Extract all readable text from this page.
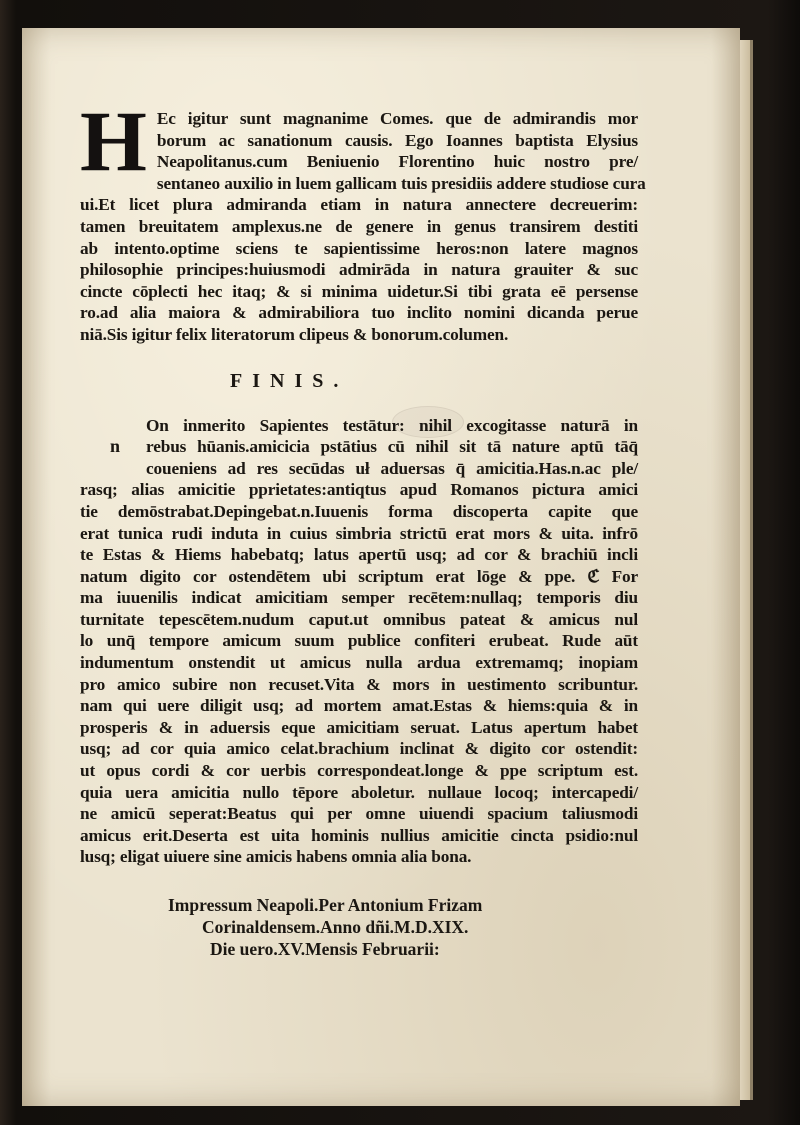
H Ec igitur sunt magnanime Comes. que de admirandis mor
borum ac sanationum causis. Ego Ioannes baptista Elysius
Neapolitanus.cum Beniuenio Florentino huic nostro pre/
sentaneo auxilio in luem gallicam tuis presidiis addere studiose cura
ui.Et licet plura admiranda etiam in natura annectere decreuerim:
tamen breuitatem amplexus.ne de genere in genus transirem destiti
ab intento.optime sciens te sapientissime heros:non latere magnos
philosophie principes:huiusmodi admirāda in natura grauiter & suc
cincte cōplecti hec itaq; & si minima uidetur.Si tibi grata eē persense
ro.ad alia maiora & admirabiliora tuo inclito nomini dicanda perue
niā.Sis igitur felix literatorum clipeus & bonorum.columen.
FINIS.
n
On inmerito Sapientes testātur: nihil excogitasse naturā in
rebus hūanis.amicicia pstātius cū nihil sit tā nature aptū tāq̄
coueniens ad res secūdas uł aduersas q̄ amicitia.Has.n.ac ple/
rasq; alias amicitie pprietates:antiqtus apud Romanos pictura amici
tie demōstrabat.Depingebat.n.Iuuenis forma discoperta capite que
erat tunica rudi induta in cuius simbria strictū erat mors & uita. infrō
te Estas & Hiems habebatq; latus apertū usq; ad cor & brachiū incli
natum digito cor ostendētem ubi scriptum erat lōge & ppe. ℭ For
ma iuuenilis indicat amicitiam semper recētem:nullaq; temporis diu
turnitate tepescētem.nudum caput.ut omnibus pateat & amicus nul
lo unq̄ tempore amicum suum publice confiteri erubeat. Rude aūt
indumentum onstendit ut amicus nulla ardua extremamq; inopiam
pro amico subire non recuset.Vita & mors in uestimento scribuntur.
nam qui uere diligit usq; ad mortem amat.Estas & hiems:quia & in
prosperis & in aduersis eque amicitiam seruat. Latus apertum habet
usq; ad cor quia amico celat.brachium inclinat & digito cor ostendit:
ut opus cordi & cor uerbis correspondeat.longe & ppe scriptum est.
quia uera amicitia nullo tēpore aboletur. nullaue locoq; intercapedi/
ne amicū seperat:Beatus qui per omne uiuendi spacium taliusmodi
amicus erit.Deserta est uita hominis nullius amicitie cincta psidio:nul
lusq; eligat uiuere sine amicis habens omnia alia bona.
Impressum Neapoli.Per Antonium Frizam
Corinaldensem.Anno dñi.M.D.XIX.
Die uero.XV.Mensis Februarii:
